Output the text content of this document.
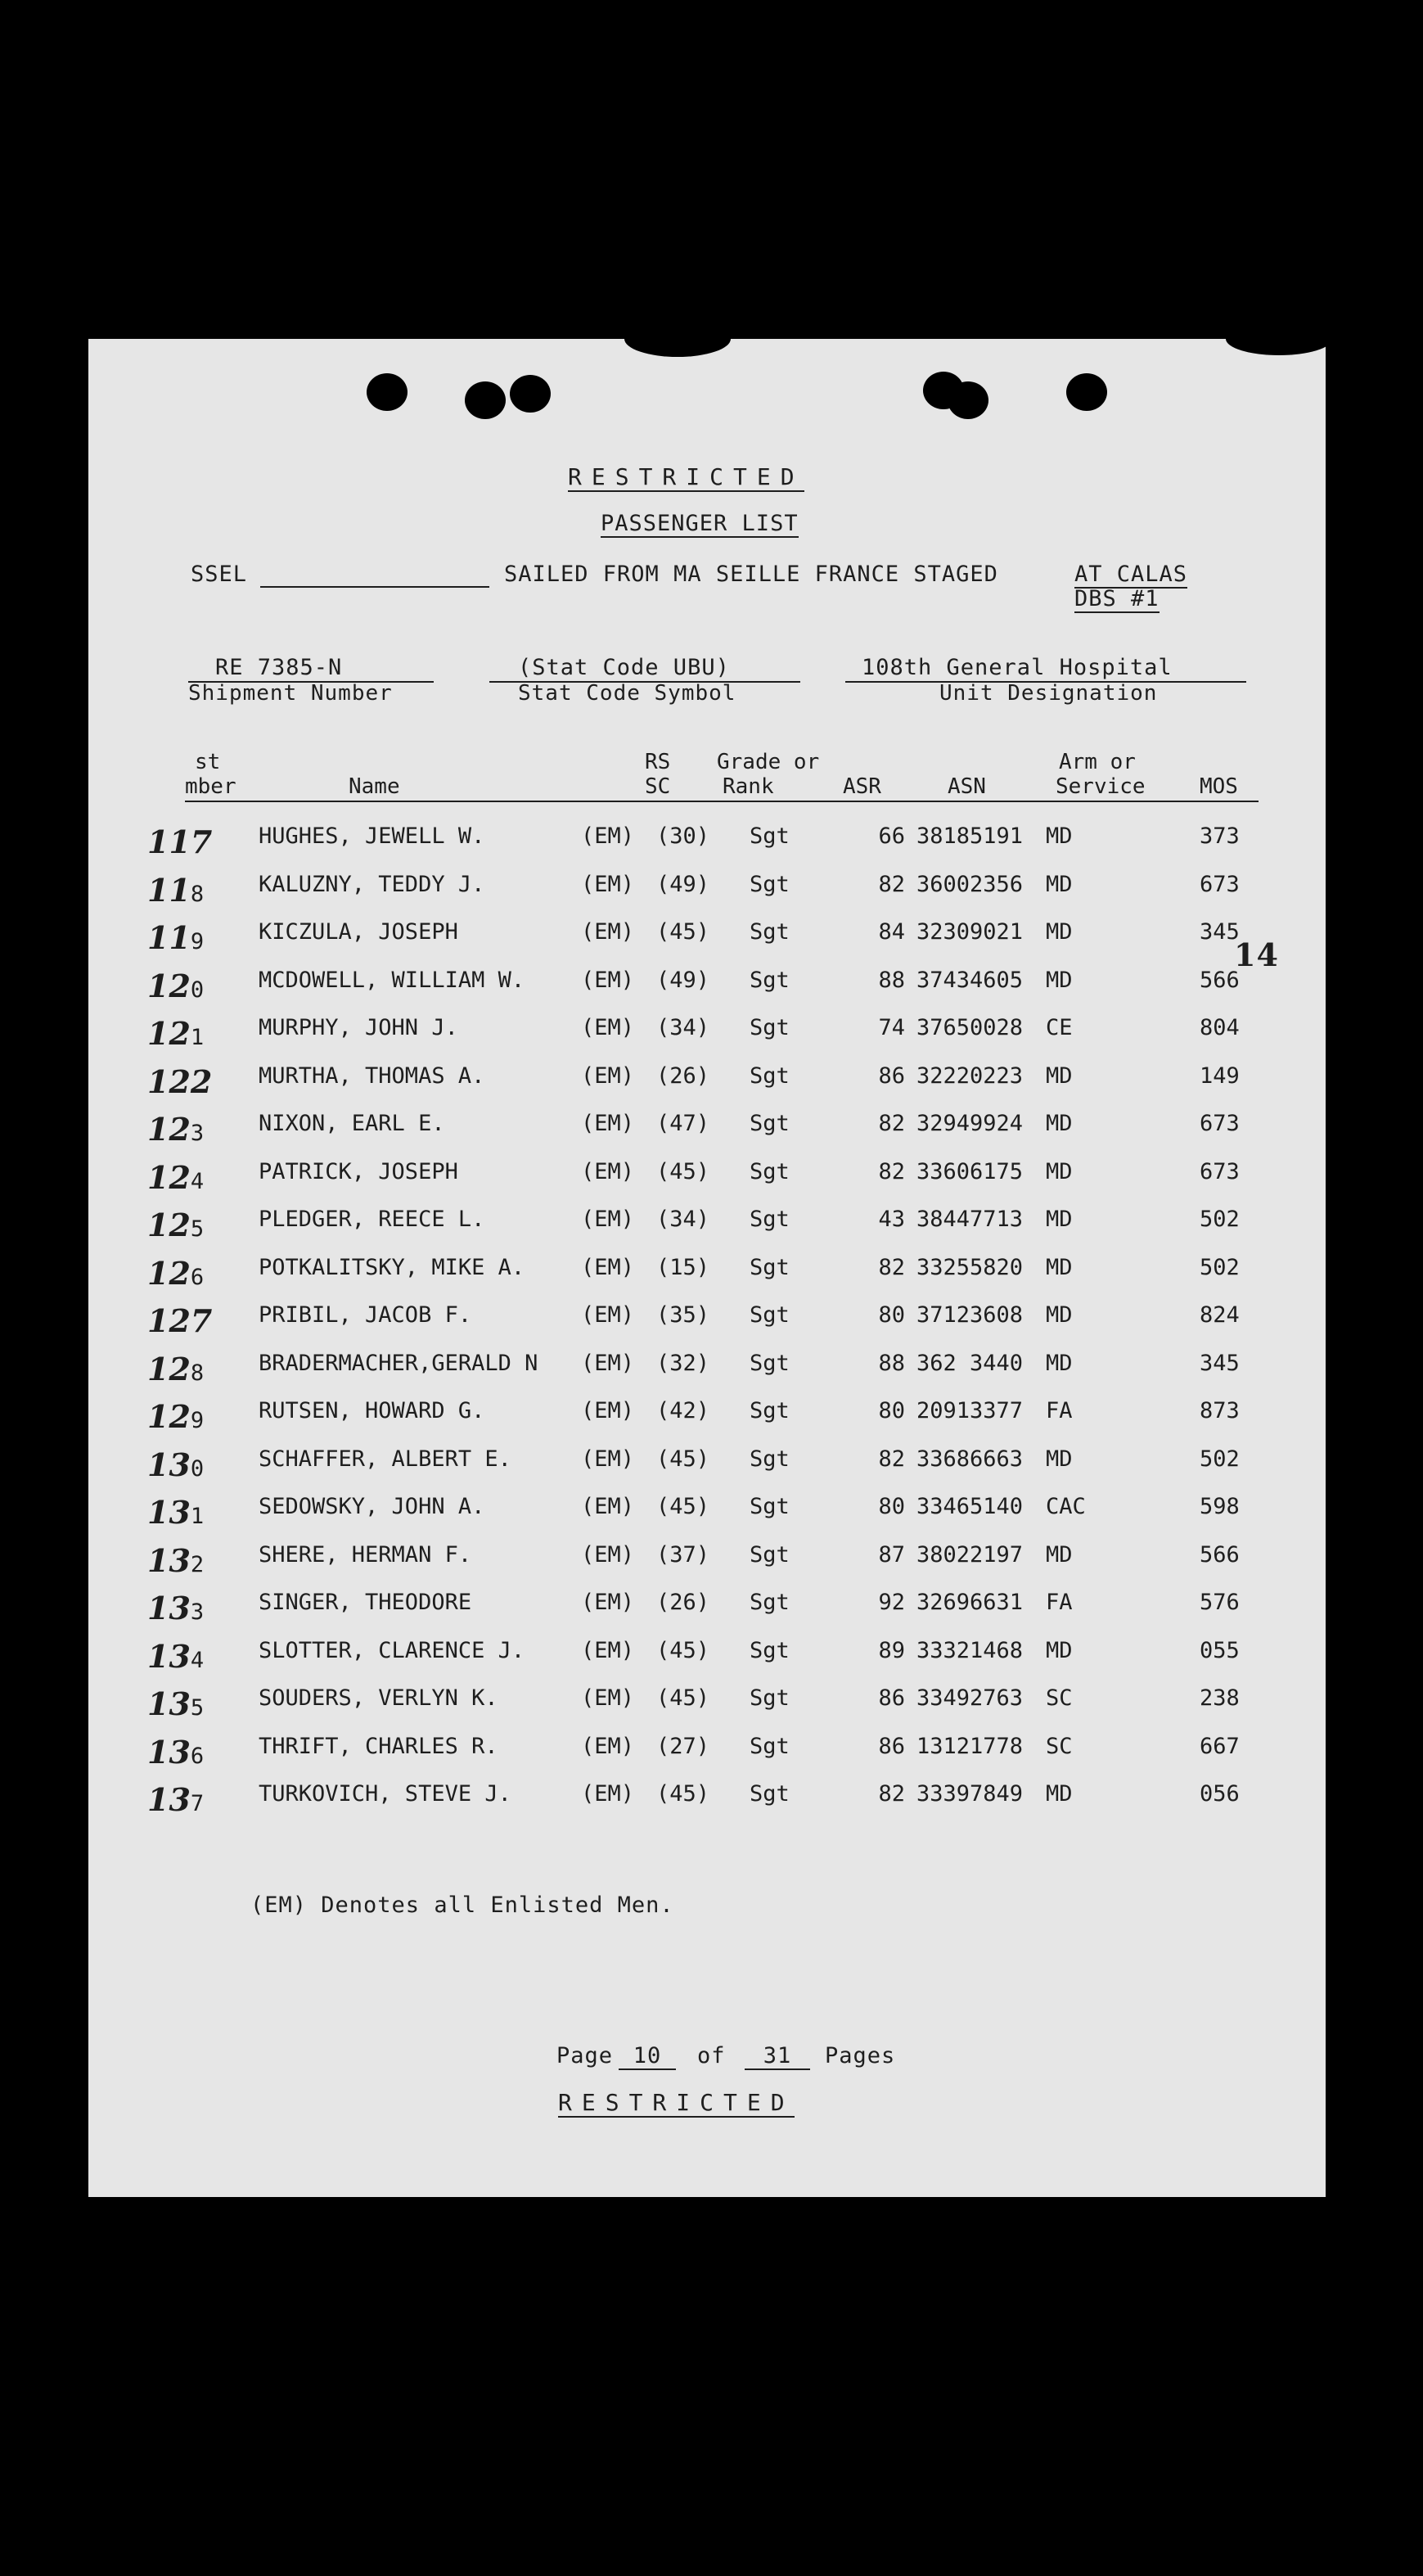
RESTRICTED
PASSENGER LIST
SSEL	SAILED FROM MA SEILLE FRANCE STAGED	AT CALAS
DBS #1
RE 7385-N
Shipment Number
(Stat Code UBU)
Stat Code Symbol
108th General Hospital
Unit Designation
st
mber	Name
RS
SC
Grade or
Rank	ASR	ASN
Arm or
Service	MOS
14
117 HUGHES, JEWELL W.	(EM) (30) Sgt	66 38185191 MD	373
118 KALUZNY, TEDDY J.	(EM) (49) Sgt	82 36002356 MD	673
119 KICZULA, JOSEPH	(EM) (45) Sgt	84 32309021 MD	345
120 MCDOWELL, WILLIAM W.	(EM) (49) Sgt	88 37434605 MD	566
121 MURPHY, JOHN J.	(EM) (34) Sgt	74 37650028 CE	804
122 MURTHA, THOMAS A.	(EM) (26) Sgt	86 32220223 MD	149
123 NIXON, EARL E.	(EM) (47) Sgt	82 32949924 MD	673
124 PATRICK, JOSEPH	(EM) (45) Sgt	82 33606175 MD	673
125 PLEDGER, REECE L.	(EM) (34) Sgt	43 38447713 MD	502
126 POTKALITSKY, MIKE A.	(EM) (15) Sgt	82 33255820 MD	502
127 PRIBIL, JACOB F.	(EM) (35) Sgt	80 37123608 MD	824
128 BRADERMACHER,GERALD N (EM) (32) Sgt	88 362 3440 MD	345
129 RUTSEN, HOWARD G.	(EM) (42) Sgt	80 20913377 FA	873
130 SCHAFFER, ALBERT E.	(EM) (45) Sgt	82 33686663 MD	502
131 SEDOWSKY, JOHN A.	(EM) (45) Sgt	80 33465140 CAC	598
132 SHERE, HERMAN F.	(EM) (37) Sgt	87 38022197 MD	566
133 SINGER, THEODORE	(EM) (26) Sgt	92 32696631 FA	576
134 SLOTTER, CLARENCE J.	(EM) (45) Sgt	89 33321468 MD	055
135 SOUDERS, VERLYN K.	(EM) (45) Sgt	86 33492763 SC	238
136 THRIFT, CHARLES R.	(EM) (27) Sgt	86 13121778 SC	667
137 TURKOVICH, STEVE J.	(EM) (45) Sgt	82 33397849 MD	056
(EM) Denotes all Enlisted Men.
Page 10	of	31	Pages
RESTRICTED
